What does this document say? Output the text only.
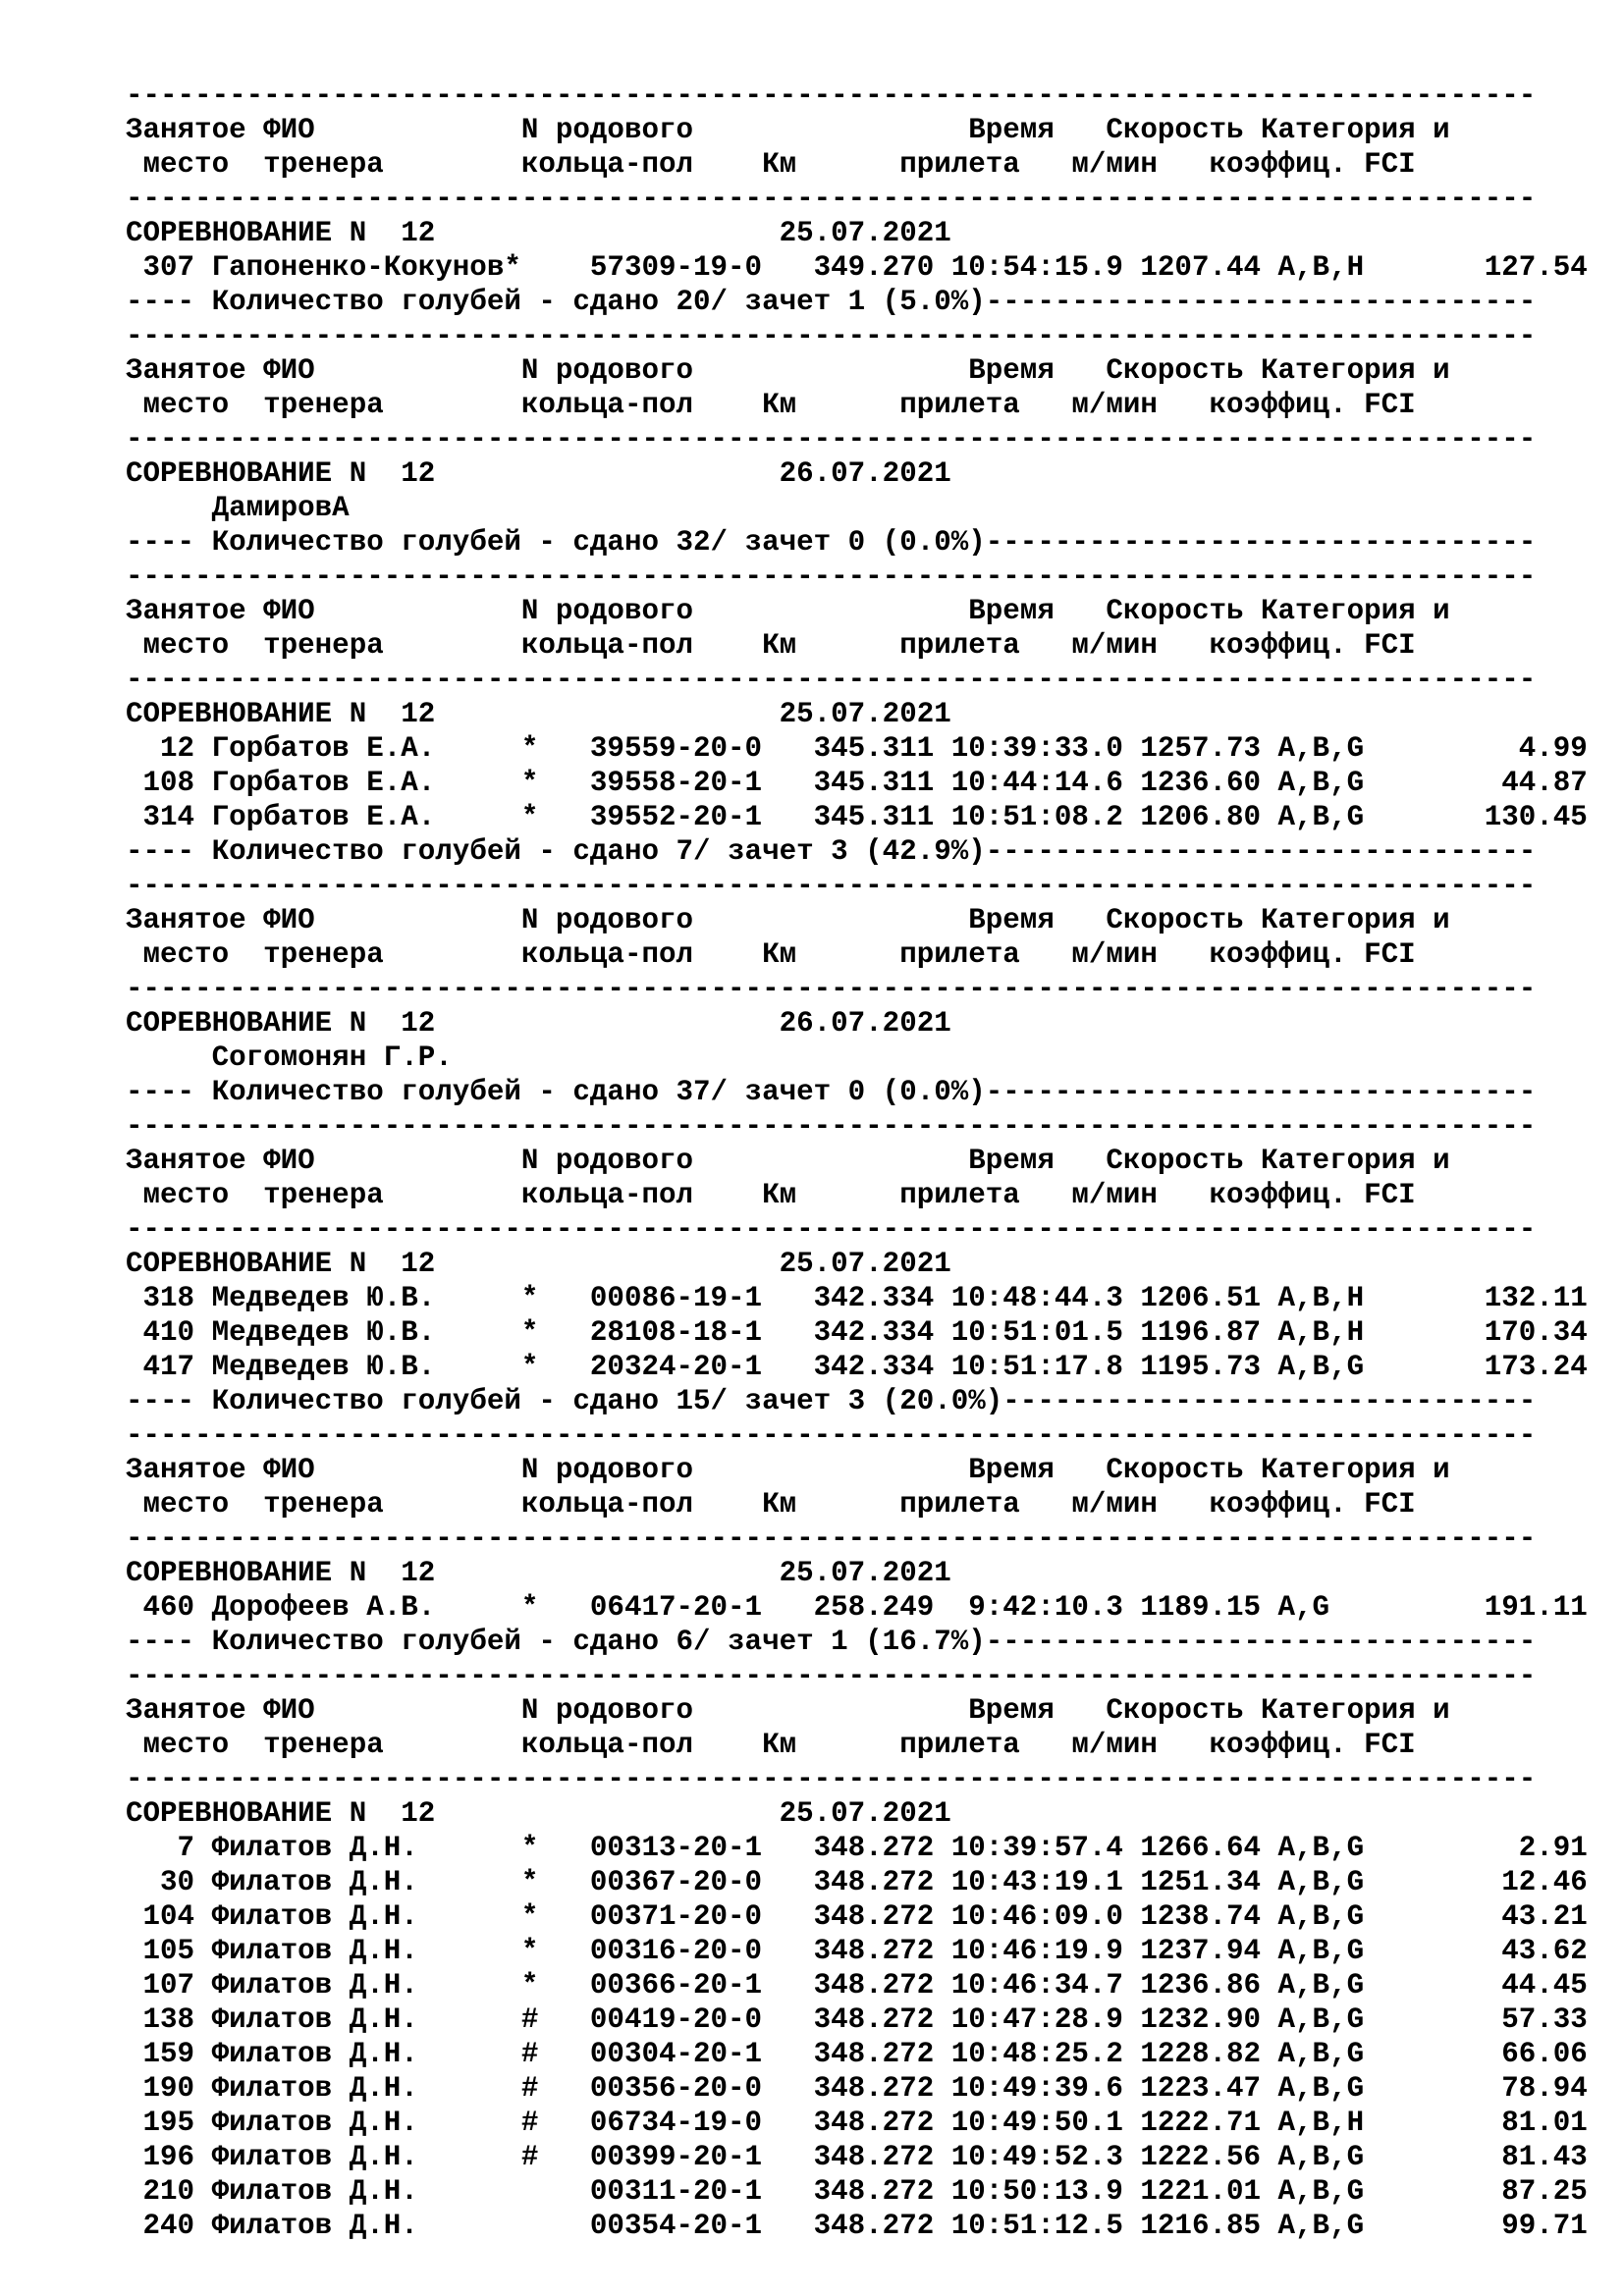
----------------------------------------------------------------------------------
Занятое ФИО            N родового                Время   Скорость Категория и
место  тренера        кольца-пол    Км      прилета   м/мин   коэффиц. FCI
----------------------------------------------------------------------------------
СОРЕВНОВАНИЕ N  12                    25.07.2021
307 Гапоненко-Кокунов*    57309-19-0   349.270 10:54:15.9 1207.44 A,B,H       127.54
---- Количество голубей - сдано 20/ зачет 1 (5.0%)--------------------------------
----------------------------------------------------------------------------------
Занятое ФИО            N родового                Время   Скорость Категория и
место  тренера        кольца-пол    Км      прилета   м/мин   коэффиц. FCI
----------------------------------------------------------------------------------
СОРЕВНОВАНИЕ N  12                    26.07.2021
ДамировА
---- Количество голубей - сдано 32/ зачет 0 (0.0%)--------------------------------
----------------------------------------------------------------------------------
Занятое ФИО            N родового                Время   Скорость Категория и
место  тренера        кольца-пол    Км      прилета   м/мин   коэффиц. FCI
----------------------------------------------------------------------------------
СОРЕВНОВАНИЕ N  12                    25.07.2021
12 Горбатов Е.А.     *   39559-20-0   345.311 10:39:33.0 1257.73 A,B,G         4.99
108 Горбатов Е.А.     *   39558-20-1   345.311 10:44:14.6 1236.60 A,B,G        44.87
314 Горбатов Е.А.     *   39552-20-1   345.311 10:51:08.2 1206.80 A,B,G       130.45
---- Количество голубей - сдано 7/ зачет 3 (42.9%)--------------------------------
----------------------------------------------------------------------------------
Занятое ФИО            N родового                Время   Скорость Категория и
место  тренера        кольца-пол    Км      прилета   м/мин   коэффиц. FCI
----------------------------------------------------------------------------------
СОРЕВНОВАНИЕ N  12                    26.07.2021
Согомонян Г.Р.
---- Количество голубей - сдано 37/ зачет 0 (0.0%)--------------------------------
----------------------------------------------------------------------------------
Занятое ФИО            N родового                Время   Скорость Категория и
место  тренера        кольца-пол    Км      прилета   м/мин   коэффиц. FCI
----------------------------------------------------------------------------------
СОРЕВНОВАНИЕ N  12                    25.07.2021
318 Медведев Ю.В.     *   00086-19-1   342.334 10:48:44.3 1206.51 A,B,H       132.11
410 Медведев Ю.В.     *   28108-18-1   342.334 10:51:01.5 1196.87 A,B,H       170.34
417 Медведев Ю.В.     *   20324-20-1   342.334 10:51:17.8 1195.73 A,B,G       173.24
---- Количество голубей - сдано 15/ зачет 3 (20.0%)-------------------------------
----------------------------------------------------------------------------------
Занятое ФИО            N родового                Время   Скорость Категория и
место  тренера        кольца-пол    Км      прилета   м/мин   коэффиц. FCI
----------------------------------------------------------------------------------
СОРЕВНОВАНИЕ N  12                    25.07.2021
460 Дорофеев А.В.     *   06417-20-1   258.249  9:42:10.3 1189.15 A,G         191.11
---- Количество голубей - сдано 6/ зачет 1 (16.7%)--------------------------------
----------------------------------------------------------------------------------
Занятое ФИО            N родового                Время   Скорость Категория и
место  тренера        кольца-пол    Км      прилета   м/мин   коэффиц. FCI
----------------------------------------------------------------------------------
СОРЕВНОВАНИЕ N  12                    25.07.2021
7 Филатов Д.Н.      *   00313-20-1   348.272 10:39:57.4 1266.64 A,B,G         2.91
30 Филатов Д.Н.      *   00367-20-0   348.272 10:43:19.1 1251.34 A,B,G        12.46
104 Филатов Д.Н.      *   00371-20-0   348.272 10:46:09.0 1238.74 A,B,G        43.21
105 Филатов Д.Н.      *   00316-20-0   348.272 10:46:19.9 1237.94 A,B,G        43.62
107 Филатов Д.Н.      *   00366-20-1   348.272 10:46:34.7 1236.86 A,B,G        44.45
138 Филатов Д.Н.      #   00419-20-0   348.272 10:47:28.9 1232.90 A,B,G        57.33
159 Филатов Д.Н.      #   00304-20-1   348.272 10:48:25.2 1228.82 A,B,G        66.06
190 Филатов Д.Н.      #   00356-20-0   348.272 10:49:39.6 1223.47 A,B,G        78.94
195 Филатов Д.Н.      #   06734-19-0   348.272 10:49:50.1 1222.71 A,B,H        81.01
196 Филатов Д.Н.      #   00399-20-1   348.272 10:49:52.3 1222.56 A,B,G        81.43
210 Филатов Д.Н.          00311-20-1   348.272 10:50:13.9 1221.01 A,B,G        87.25
240 Филатов Д.Н.          00354-20-1   348.272 10:51:12.5 1216.85 A,B,G        99.71
